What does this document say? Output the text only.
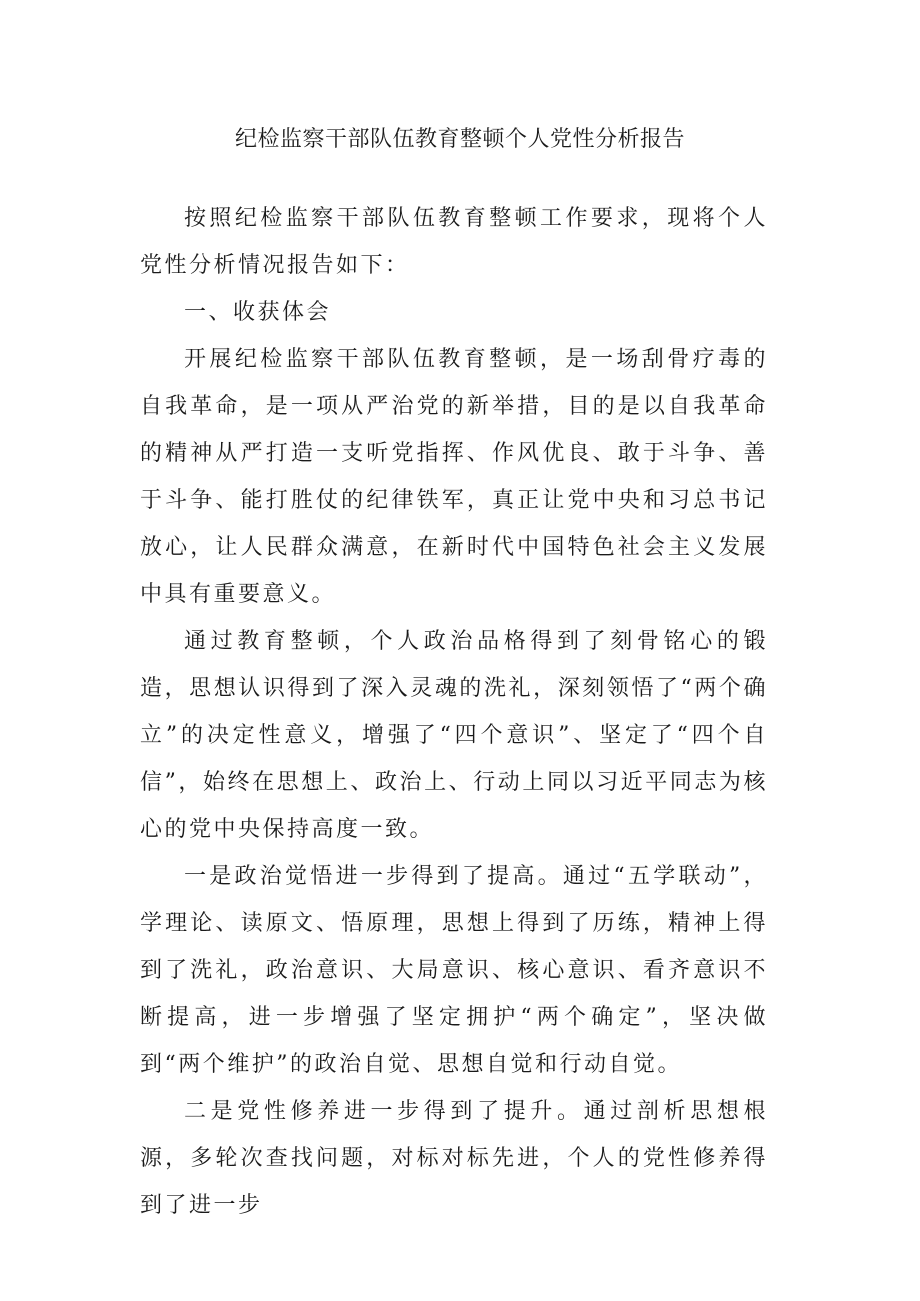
纪检监察干部队伍教育整顿个人党性分析报告

按照纪检监察干部队伍教育整顿工作要求，现将个人党性分析情况报告如下：

一、收获体会

开展纪检监察干部队伍教育整顿，是一场刮骨疗毒的自我革命，是一项从严治党的新举措，目的是以自我革命的精神从严打造一支听党指挥、作风优良、敢于斗争、善于斗争、能打胜仗的纪律铁军，真正让党中央和习总书记放心，让人民群众满意，在新时代中国特色社会主义发展中具有重要意义。

通过教育整顿，个人政治品格得到了刻骨铭心的锻造，思想认识得到了深入灵魂的洗礼，深刻领悟了“两个确立”的决定性意义，增强了“四个意识”、坚定了“四个自信”，始终在思想上、政治上、行动上同以习近平同志为核心的党中央保持高度一致。

一是政治觉悟进一步得到了提高。通过“五学联动”，学理论、读原文、悟原理，思想上得到了历练，精神上得到了洗礼，政治意识、大局意识、核心意识、看齐意识不断提高，进一步增强了坚定拥护“两个确定”，坚决做到“两个维护”的政治自觉、思想自觉和行动自觉。

二是党性修养进一步得到了提升。通过剖析思想根源，多轮次查找问题，对标对标先进，个人的党性修养得到了进一步
